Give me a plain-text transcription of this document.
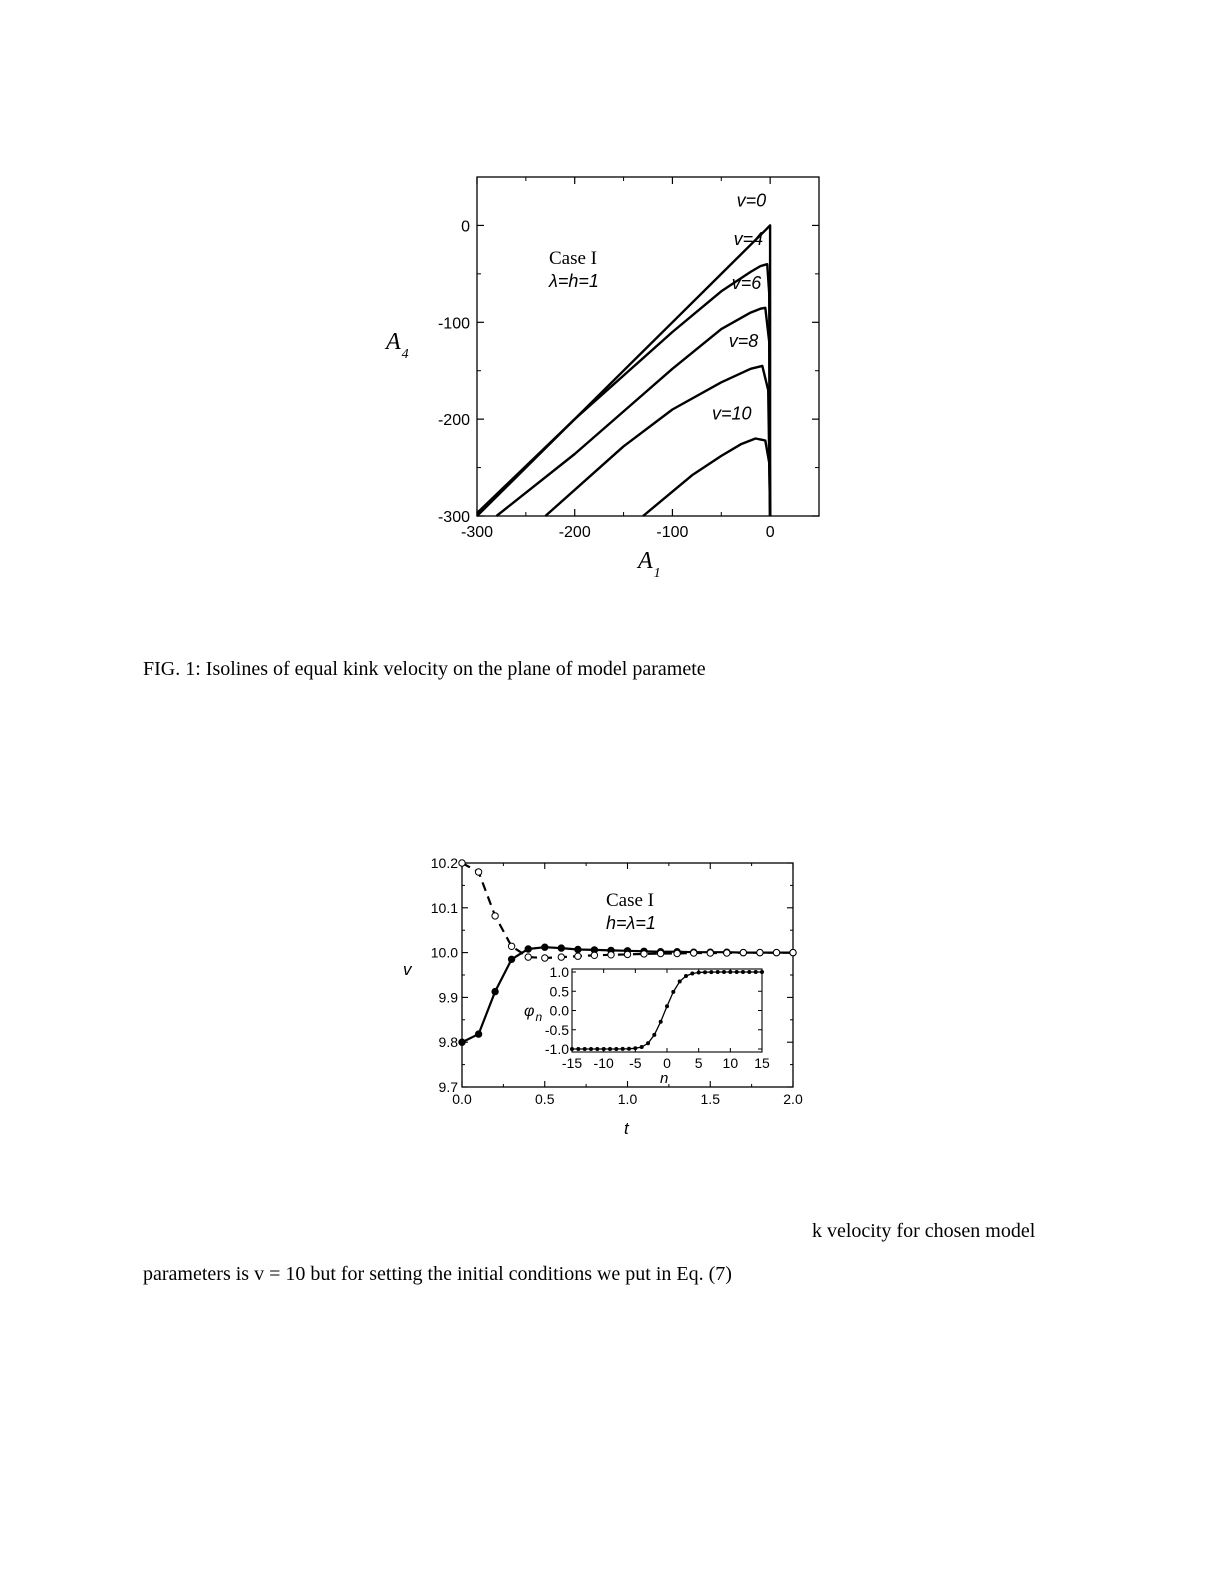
-300	-200	-100	0
-300
-200
-100
0
v=0
v=4
v=6
v=8
v=10
Case I
λ=h=1
$A_4$
$A_1$

FIG. 1: Isolines of equal kink velocity on the plane of model paramete

0.0	0.5	1.0	1.5	2.0
9.7
9.8
9.9
10.0
10.1
10.2
Case I
h=λ=1
v
t
-15 -10 -5 0 5 10 15
-1.0
-0.5
0.0
0.5
1.0
$\varphi_n$
n

k velocity for chosen model

parameters is v = 10 but for setting the initial conditions we put in Eq. (7)
